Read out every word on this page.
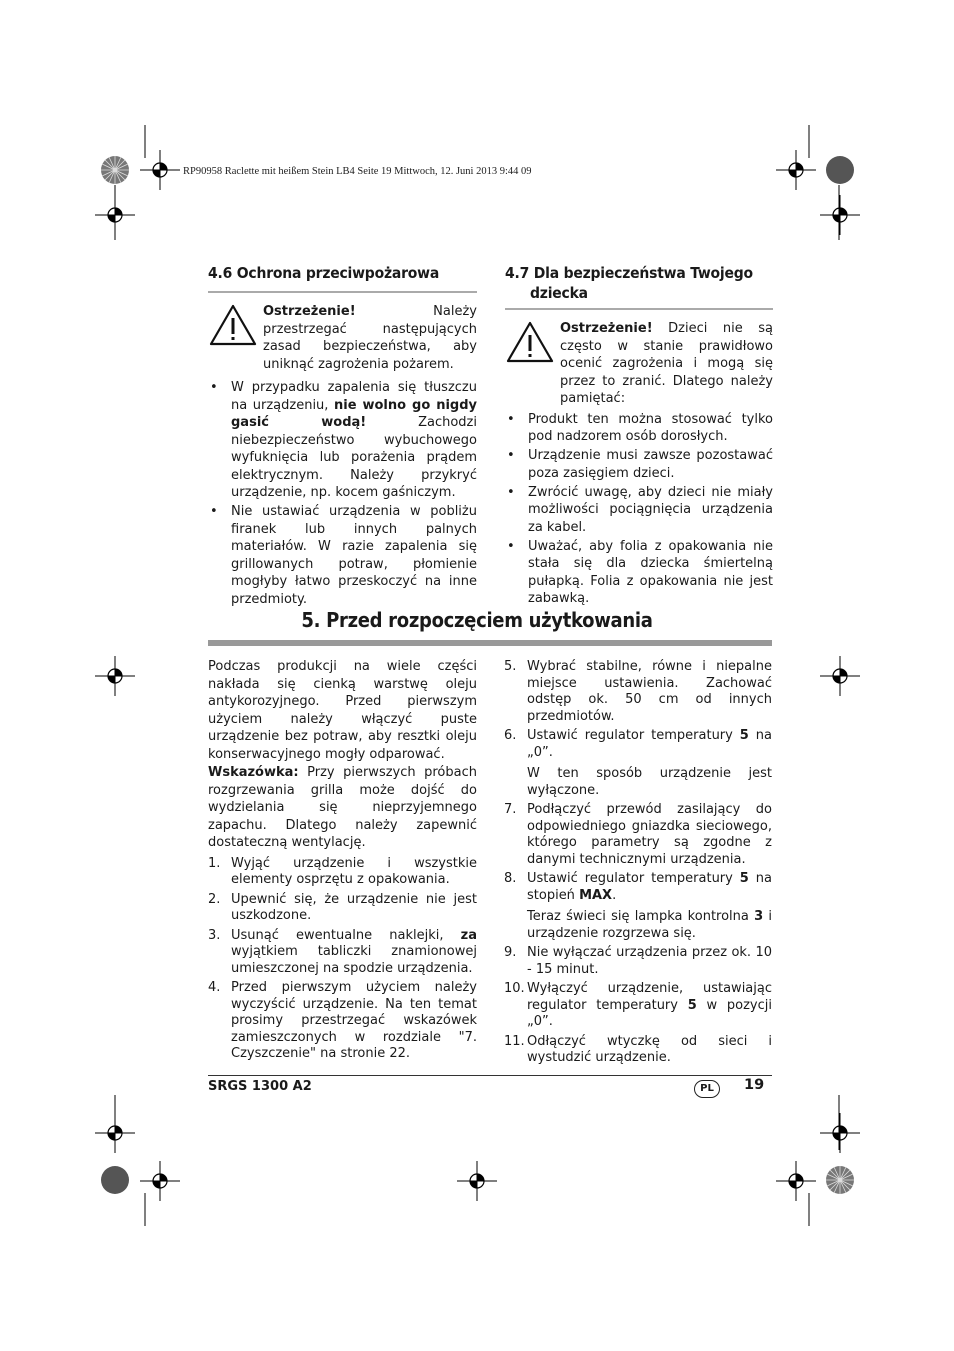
RP90958 Raclette mit heißem Stein LB4 Seite 19 Mittwoch, 12. Juni 2013 9:44 09
4.6 Ochrona przeciwpożarowa
Ostrzeżenie!	Należy przestrzegać następujących zasad bezpieczeństwa, aby uniknąć zagrożenia pożarem.
• W przypadku zapalenia się tłuszczu na urządzeniu, nie wolno go nigdy gasić wodą! Zachodzi niebezpieczeństwo wybuchowego wyfuknięcia lub porażenia prądem elektrycznym. Należy przykryć urządzenie, np. kocem gaśniczym.
• Nie ustawiać urządzenia w pobliżu firanek lub innych palnych materiałów. W razie zapalenia się grillowanych potraw, płomienie mogłyby łatwo przeskoczyć na inne przedmioty.
4.7 Dla bezpieczeństwa Twojego
dziecka
Ostrzeżenie! Dzieci nie są często w stanie prawidłowo ocenić zagrożenia i mogą się przez to zranić. Dlatego należy pamiętać:
• Produkt ten można stosować tylko pod nadzorem osób dorosłych.
• Urządzenie musi zawsze pozostawać poza zasięgiem dzieci.
• Zwrócić uwagę, aby dzieci nie miały możliwości pociągnięcia urządzenia za kabel.
• Uważać, aby folia z opakowania nie stała się dla dziecka śmiertelną pułapką. Folia z opakowania nie jest zabawką.
5. Przed rozpoczęciem użytkowania
Podczas produkcji na wiele części nakłada się cienką warstwę oleju antykorozyjnego. Przed pierwszym użyciem należy włączyć puste urządzenie bez potraw, aby resztki oleju konserwacyjnego mogły odparować.
Wskazówka: Przy pierwszych próbach rozgrzewania grilla może dojść do wydzielania się nieprzyjemnego zapachu. Dlatego należy zapewnić dostateczną wentylację.
1. Wyjąć urządzenie i wszystkie elementy osprzętu z opakowania.
2. Upewnić się, że urządzenie nie jest uszkodzone.
3. Usunąć ewentualne naklejki, za wyjątkiem tabliczki znamionowej umieszczonej na spodzie urządzenia.
4. Przed pierwszym użyciem należy wyczyścić urządzenie. Na ten temat prosimy przestrzegać wskazówek zamieszczonych w rozdziale "7. Czyszczenie" na stronie 22.
5. Wybrać stabilne, równe i niepalne miejsce ustawienia. Zachować odstęp ok. 50 cm od innych przedmiotów.
6. Ustawić regulator temperatury 5 na „0”.
W ten sposób urządzenie jest wyłączone.
7. Podłączyć przewód zasilający do odpowiedniego gniazdka sieciowego, którego parametry są zgodne z danymi technicznymi urządzenia.
8. Ustawić regulator temperatury 5 na stopień MAX.
Teraz świeci się lampka kontrolna 3 i urządzenie rozgrzewa się.
9. Nie wyłączać urządzenia przez ok. 10 - 15 minut.
10. Wyłączyć urządzenie, ustawiając regulator temperatury 5 w pozycji „0”.
11. Odłączyć wtyczkę od sieci i wystudzić urządzenie.
SRGS 1300 A2	PL	19
